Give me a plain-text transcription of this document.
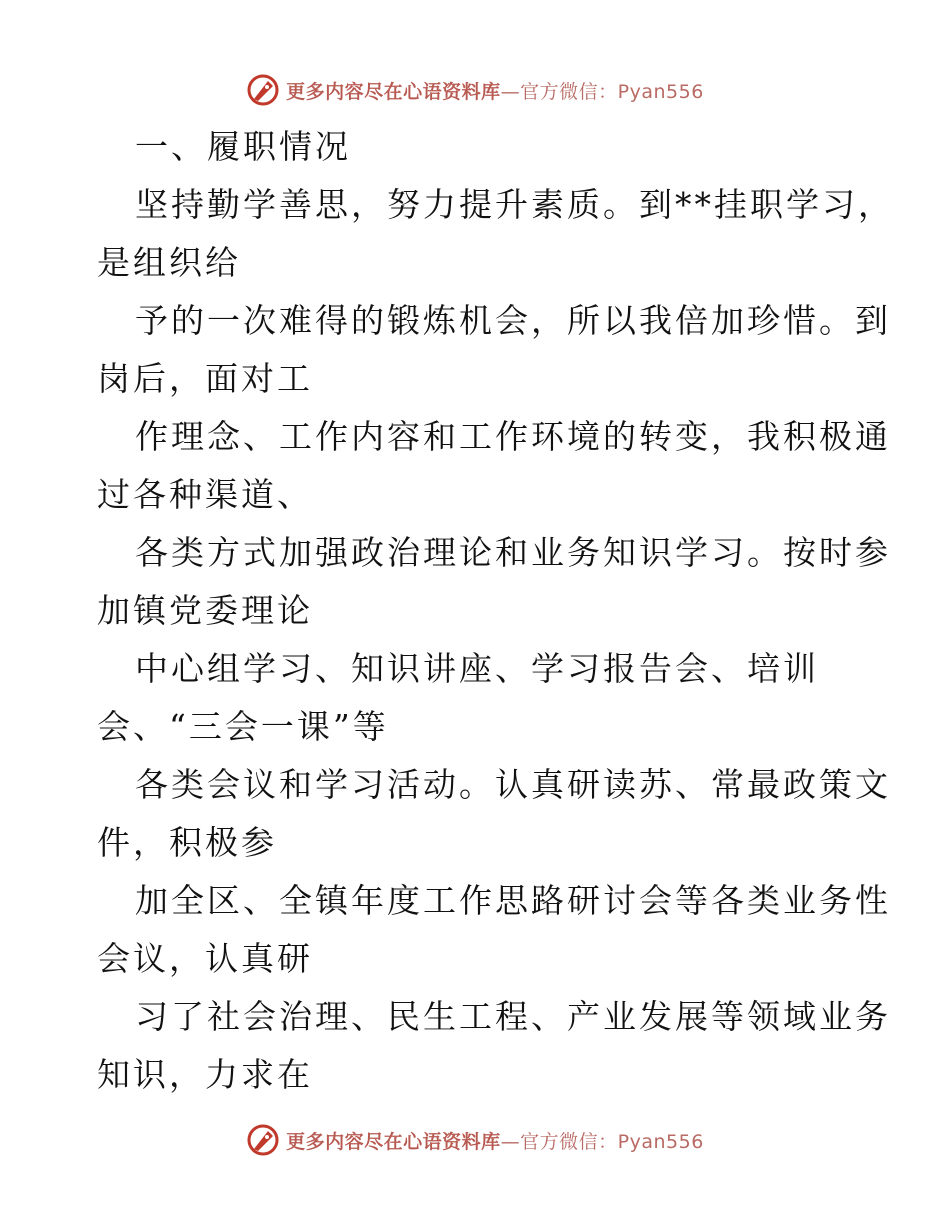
更多内容尽在心语资料库—官方微信：Pyan556
一、履职情况
坚持勤学善思，努力提升素质。到**挂职学习，
是组织给
予的一次难得的锻炼机会，所以我倍加珍惜。到
岗后，面对工
作理念、工作内容和工作环境的转变，我积极通
过各种渠道、
各类方式加强政治理论和业务知识学习。按时参
加镇党委理论
中心组学习、知识讲座、学习报告会、培训
会、“三会一课”等
各类会议和学习活动。认真研读苏、常最政策文
件，积极参
加全区、全镇年度工作思路研讨会等各类业务性
会议，认真研
习了社会治理、民生工程、产业发展等领域业务
知识，力求在
更多内容尽在心语资料库—官方微信：Pyan556
